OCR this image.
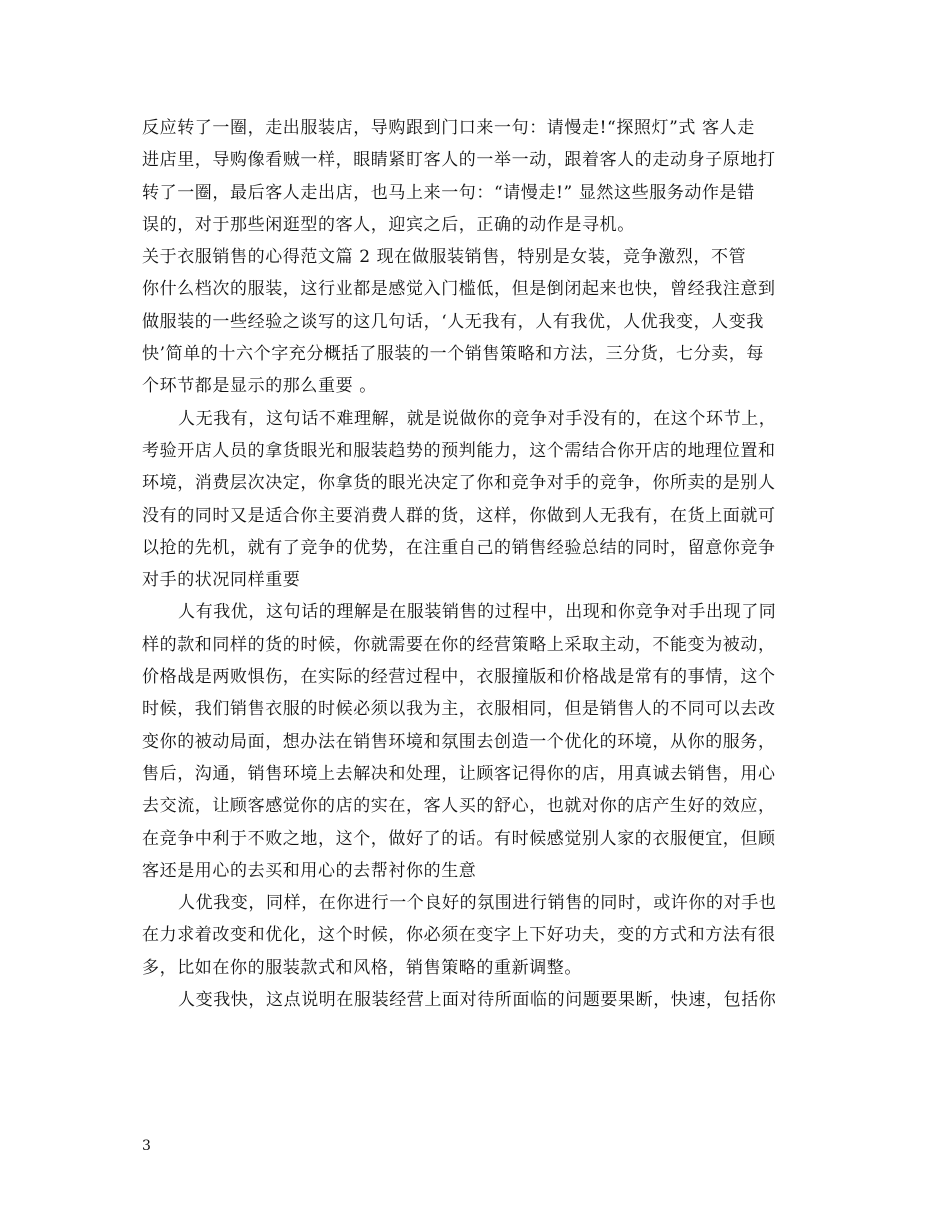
反应转了一圈，走出服装店，导购跟到门口来一句：请慢走!“探照灯”式 客人走
进店里，导购像看贼一样，眼睛紧盯客人的一举一动，跟着客人的走动身子原地打
转了一圈，最后客人走出店，也马上来一句：“请慢走!” 显然这些服务动作是错
误的，对于那些闲逛型的客人，迎宾之后，正确的动作是寻机。
关于衣服销售的心得范文篇 2 现在做服装销售，特别是女装，竞争激烈，不管
你什么档次的服装，这行业都是感觉入门槛低，但是倒闭起来也快，曾经我注意到
做服装的一些经验之谈写的这几句话，‘人无我有，人有我优，人优我变，人变我
快’简单的十六个字充分概括了服装的一个销售策略和方法，三分货，七分卖，每
个环节都是显示的那么重要 。
人无我有，这句话不难理解，就是说做你的竞争对手没有的，在这个环节上，
考验开店人员的拿货眼光和服装趋势的预判能力，这个需结合你开店的地理位置和
环境，消费层次决定，你拿货的眼光决定了你和竞争对手的竞争，你所卖的是别人
没有的同时又是适合你主要消费人群的货，这样，你做到人无我有，在货上面就可
以抢的先机，就有了竞争的优势，在注重自己的销售经验总结的同时，留意你竞争
对手的状况同样重要
人有我优，这句话的理解是在服装销售的过程中，出现和你竞争对手出现了同
样的款和同样的货的时候，你就需要在你的经营策略上采取主动，不能变为被动，
价格战是两败惧伤，在实际的经营过程中，衣服撞版和价格战是常有的事情，这个
时候，我们销售衣服的时候必须以我为主，衣服相同，但是销售人的不同可以去改
变你的被动局面，想办法在销售环境和氛围去创造一个优化的环境，从你的服务，
售后，沟通，销售环境上去解决和处理，让顾客记得你的店，用真诚去销售，用心
去交流，让顾客感觉你的店的实在，客人买的舒心，也就对你的店产生好的效应，
在竞争中利于不败之地，这个，做好了的话。有时候感觉别人家的衣服便宜，但顾
客还是用心的去买和用心的去帮衬你的生意
人优我变，同样，在你进行一个良好的氛围进行销售的同时，或许你的对手也
在力求着改变和优化，这个时候，你必须在变字上下好功夫，变的方式和方法有很
多，比如在你的服装款式和风格，销售策略的重新调整。
人变我快，这点说明在服装经营上面对待所面临的问题要果断，快速，包括你
3
